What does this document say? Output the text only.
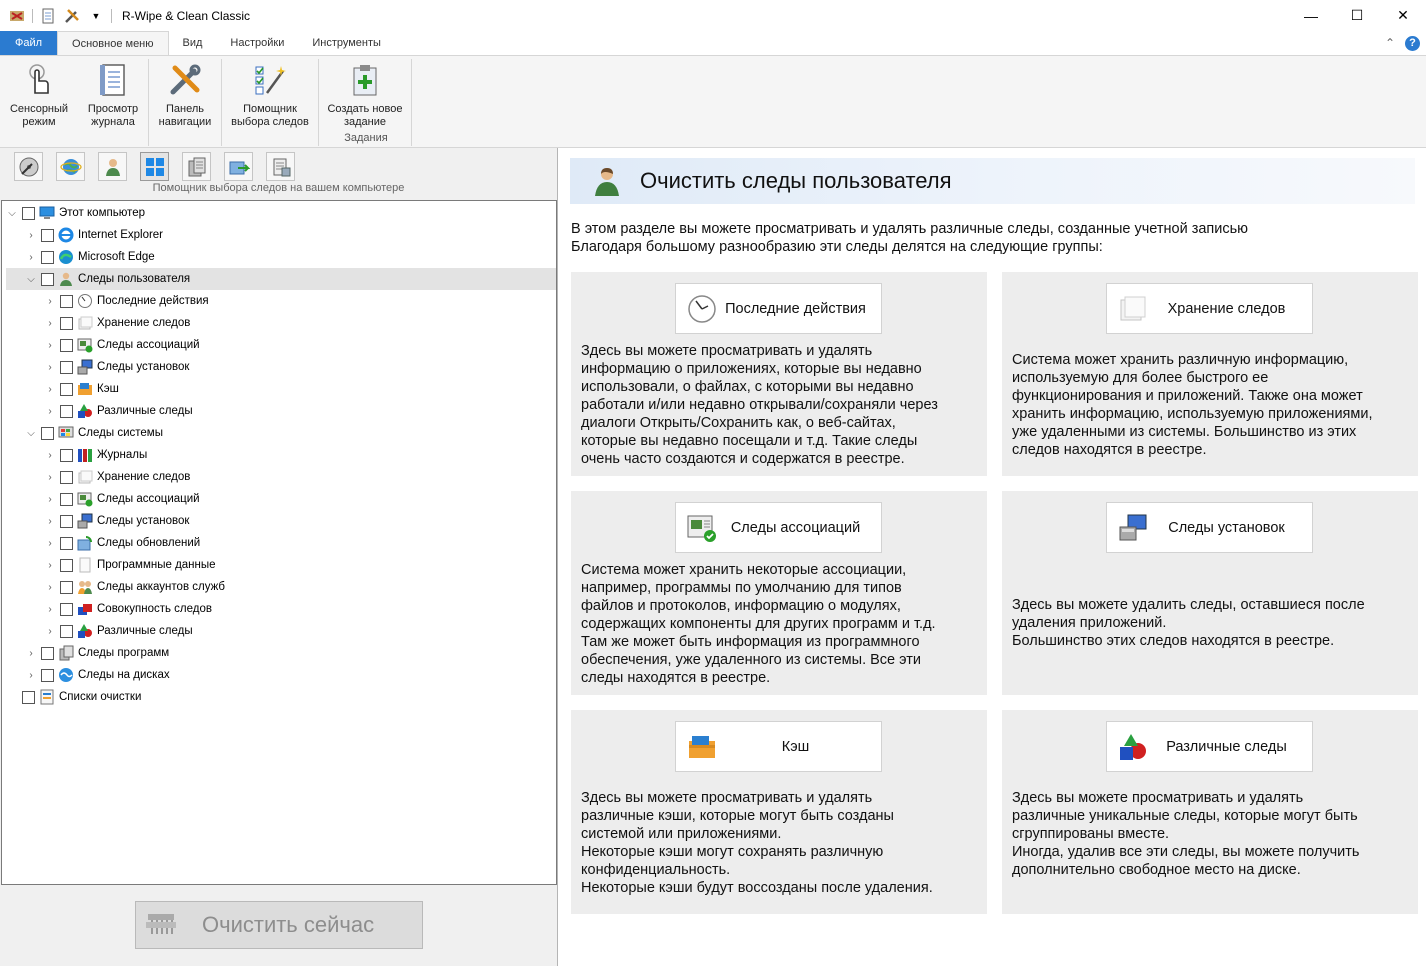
▼	R-Wipe & Clean Classic	—	☐	✕
Файл	Основное меню	Вид	Настройки	Инструменты	⌃	?
Сенсорный
режим
Просмотр
журнала
Панель
навигации
Помощник
выбора следов
Создать новое
задание
Задания
Помощник выбора следов на вашем компьютере
⌵	Этот компьютер
›	Internet Explorer
›	Microsoft Edge
⌵	Следы пользователя
›	Последние действия
›	Хранение следов
›	Следы ассоциаций
›	Следы установок
›	Кэш
›	Различные следы
⌵	Следы системы
›	Журналы
›	Хранение следов
›	Следы ассоциаций
›	Следы установок
›	Следы обновлений
›	Программные данные
›	Следы аккаунтов служб
›	Совокупность следов
›	Различные следы
›	Следы программ
›	Следы на дисках
Списки очистки
Очистить сейчас
Очистить следы пользователя
В этом разделе вы можете просматривать и удалять различные следы, созданные учетной записью
Благодаря большому разнообразию эти следы делятся на следующие группы:
Последние действия
Здесь вы можете просматривать и удалять
информацию о приложениях, которые вы недавно
использовали, о файлах, с которыми вы недавно
работали и/или недавно открывали/сохраняли через
диалоги Открыть/Сохранить как, о веб-сайтах,
которые вы недавно посещали и т.д. Такие следы
очень часто создаются и содержатся в реестре.
Хранение следов
Система может хранить различную информацию,
используемую для более быстрого ее
функционирования и приложений. Также она может
хранить информацию, используемую приложениями,
уже удаленными из системы. Большинство из этих
следов находятся в реестре.
Следы ассоциаций
Система может хранить некоторые ассоциации,
например, программы по умолчанию для типов
файлов и протоколов, информацию о модулях,
содержащих компоненты для других программ и т.д.
Там же может быть информация из программного
обеспечения, уже удаленного из системы. Все эти
следы находятся в реестре.
Следы установок
Здесь вы можете удалить следы, оставшиеся после
удаления приложений.
Большинство этих следов находятся в реестре.
Кэш
Здесь вы можете просматривать и удалять
различные кэши, которые могут быть созданы
системой или приложениями.
Некоторые кэши могут сохранять различную
конфиденциальность.
Некоторые кэши будут воссозданы после удаления.
Различные следы
Здесь вы можете просматривать и удалять
различные уникальные следы, которые могут быть
сгруппированы вместе.
Иногда, удалив все эти следы, вы можете получить
дополнительно свободное место на диске.
